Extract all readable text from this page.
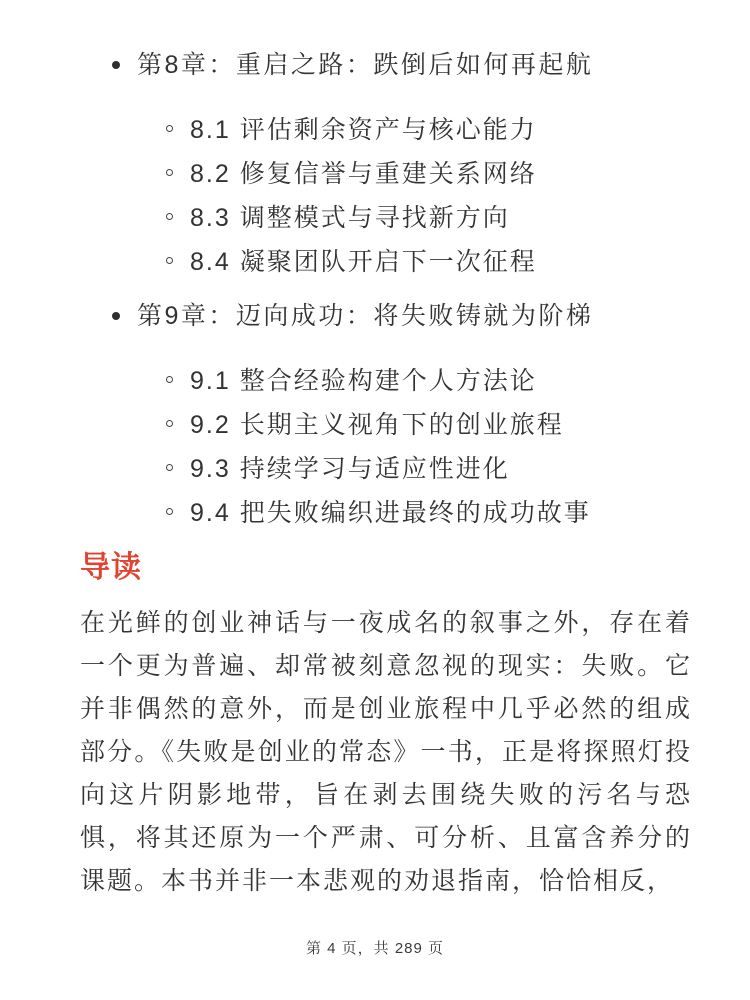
第8章：重启之路：跌倒后如何再起航
8.1 评估剩余资产与核心能力
8.2 修复信誉与重建关系网络
8.3 调整模式与寻找新方向
8.4 凝聚团队开启下一次征程
第9章：迈向成功：将失败铸就为阶梯
9.1 整合经验构建个人方法论
9.2 长期主义视角下的创业旅程
9.3 持续学习与适应性进化
9.4 把失败编织进最终的成功故事
导读

在光鲜的创业神话与一夜成名的叙事之外，存在着一个更为普遍、却常被刻意忽视的现实：失败。它并非偶然的意外，而是创业旅程中几乎必然的组成部分。《失败是创业的常态》一书，正是将探照灯投向这片阴影地带，旨在剥去围绕失败的污名与恐惧，将其还原为一个严肃、可分析、且富含养分的课题。本书并非一本悲观的劝退指南，恰恰相反，

第 4 页，共 289 页
